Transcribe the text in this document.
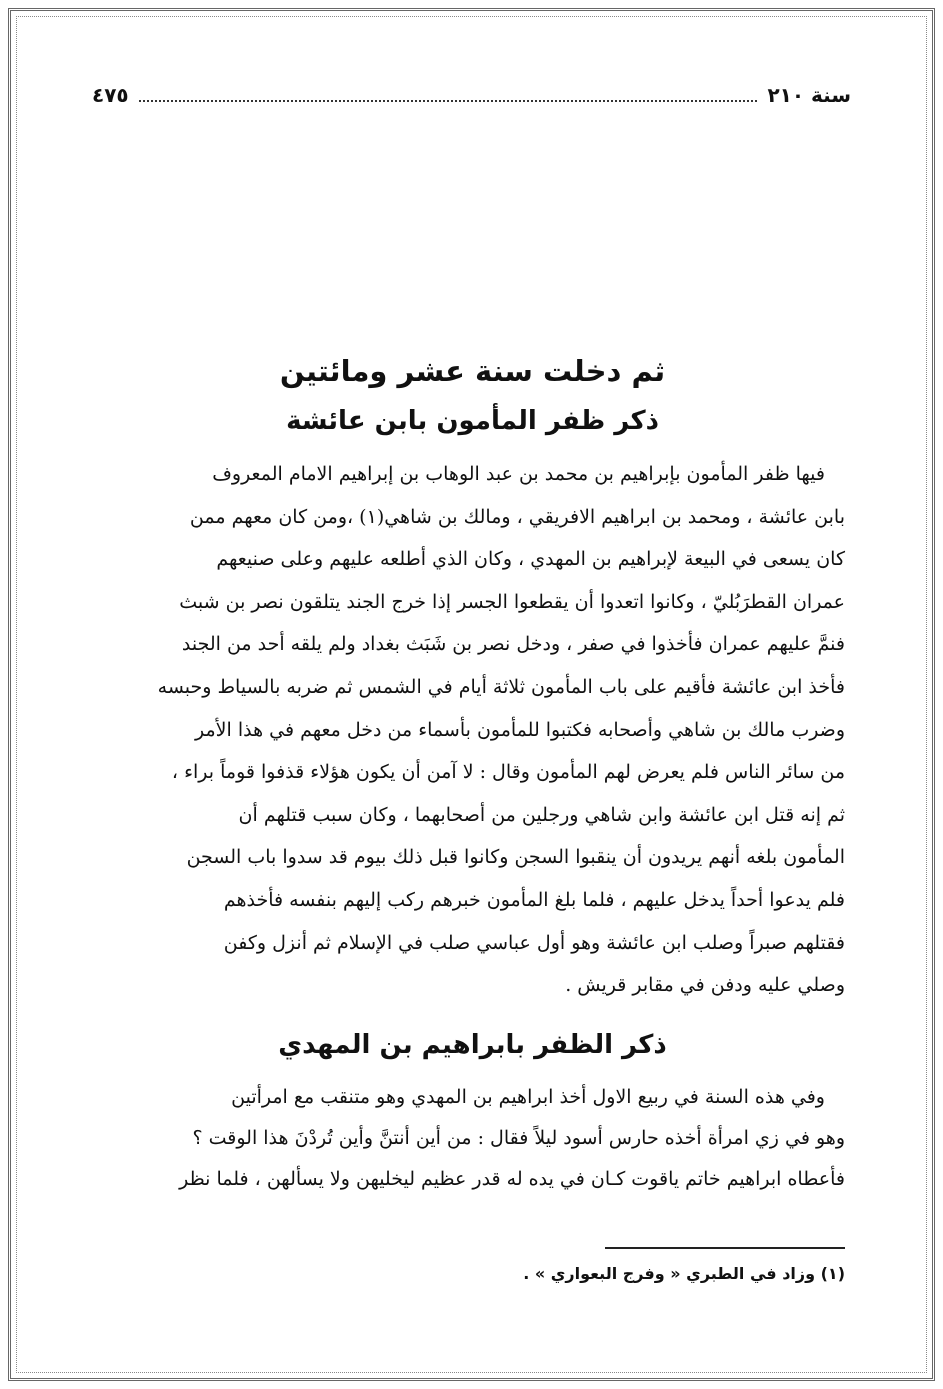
سنة ٢١٠
٤٧٥
ثم دخلت سنة عشر ومائتين
ذكر ظفر المأمون بابن عائشة

فيها ظفر المأمون بإبراهيم بن محمد بن عبد الوهاب بن إبراهيم الامام المعروف

بابن عائشة ، ومحمد بن ابراهيم الافريقي ، ومالك بن شاهي(١) ،ومن كان معهم ممن

كان يسعى في البيعة لإبراهيم بن المهدي ، وكان الذي أطلعه عليهم وعلى صنيعهم

عمران القطرَبُليّ ، وكانوا اتعدوا أن يقطعوا الجسر إذا خرج الجند يتلقون نصر بن شبث

فنمَّ عليهم عمران فأخذوا في صفر ، ودخل نصر بن شَبَث بغداد ولم يلقه أحد من الجند

فأخذ ابن عائشة فأقيم على باب المأمون ثلاثة أيام في الشمس ثم ضربه بالسياط وحبسه

وضرب مالك بن شاهي وأصحابه فكتبوا للمأمون بأسماء من دخل معهم في هذا الأمر

من سائر الناس فلم يعرض لهم المأمون وقال : لا آمن أن يكون هؤلاء قذفوا قوماً براء ،

ثم إنه قتل ابن عائشة وابن شاهي ورجلين من أصحابهما ، وكان سبب قتلهم أن

المأمون بلغه أنهم يريدون أن ينقبوا السجن وكانوا قبل ذلك بيوم قد سدوا باب السجن

فلم يدعوا أحداً يدخل عليهم ، فلما بلغ المأمون خبرهم ركب إليهم بنفسه فأخذهم

فقتلهم صبراً وصلب ابن عائشة وهو أول عباسي صلب في الإسلام ثم أنزل وكفن

وصلي عليه ودفن في مقابر قريش .

ذكر الظفر بابراهيم بن المهدي

وفي هذه السنة في ربيع الاول أخذ ابراهيم بن المهدي وهو متنقب مع امرأتين

وهو في زي امرأة أخذه حارس أسود ليلاً فقال : من أين أنتنَّ وأين تُردْنَ هذا الوقت ؟

فأعطاه ابراهيم خاتم ياقوت كـان في يده له قدر عظيم ليخليهن ولا يسألهن ، فلما نظر

(١) وزاد في الطبري « وفرج البعواري » .
